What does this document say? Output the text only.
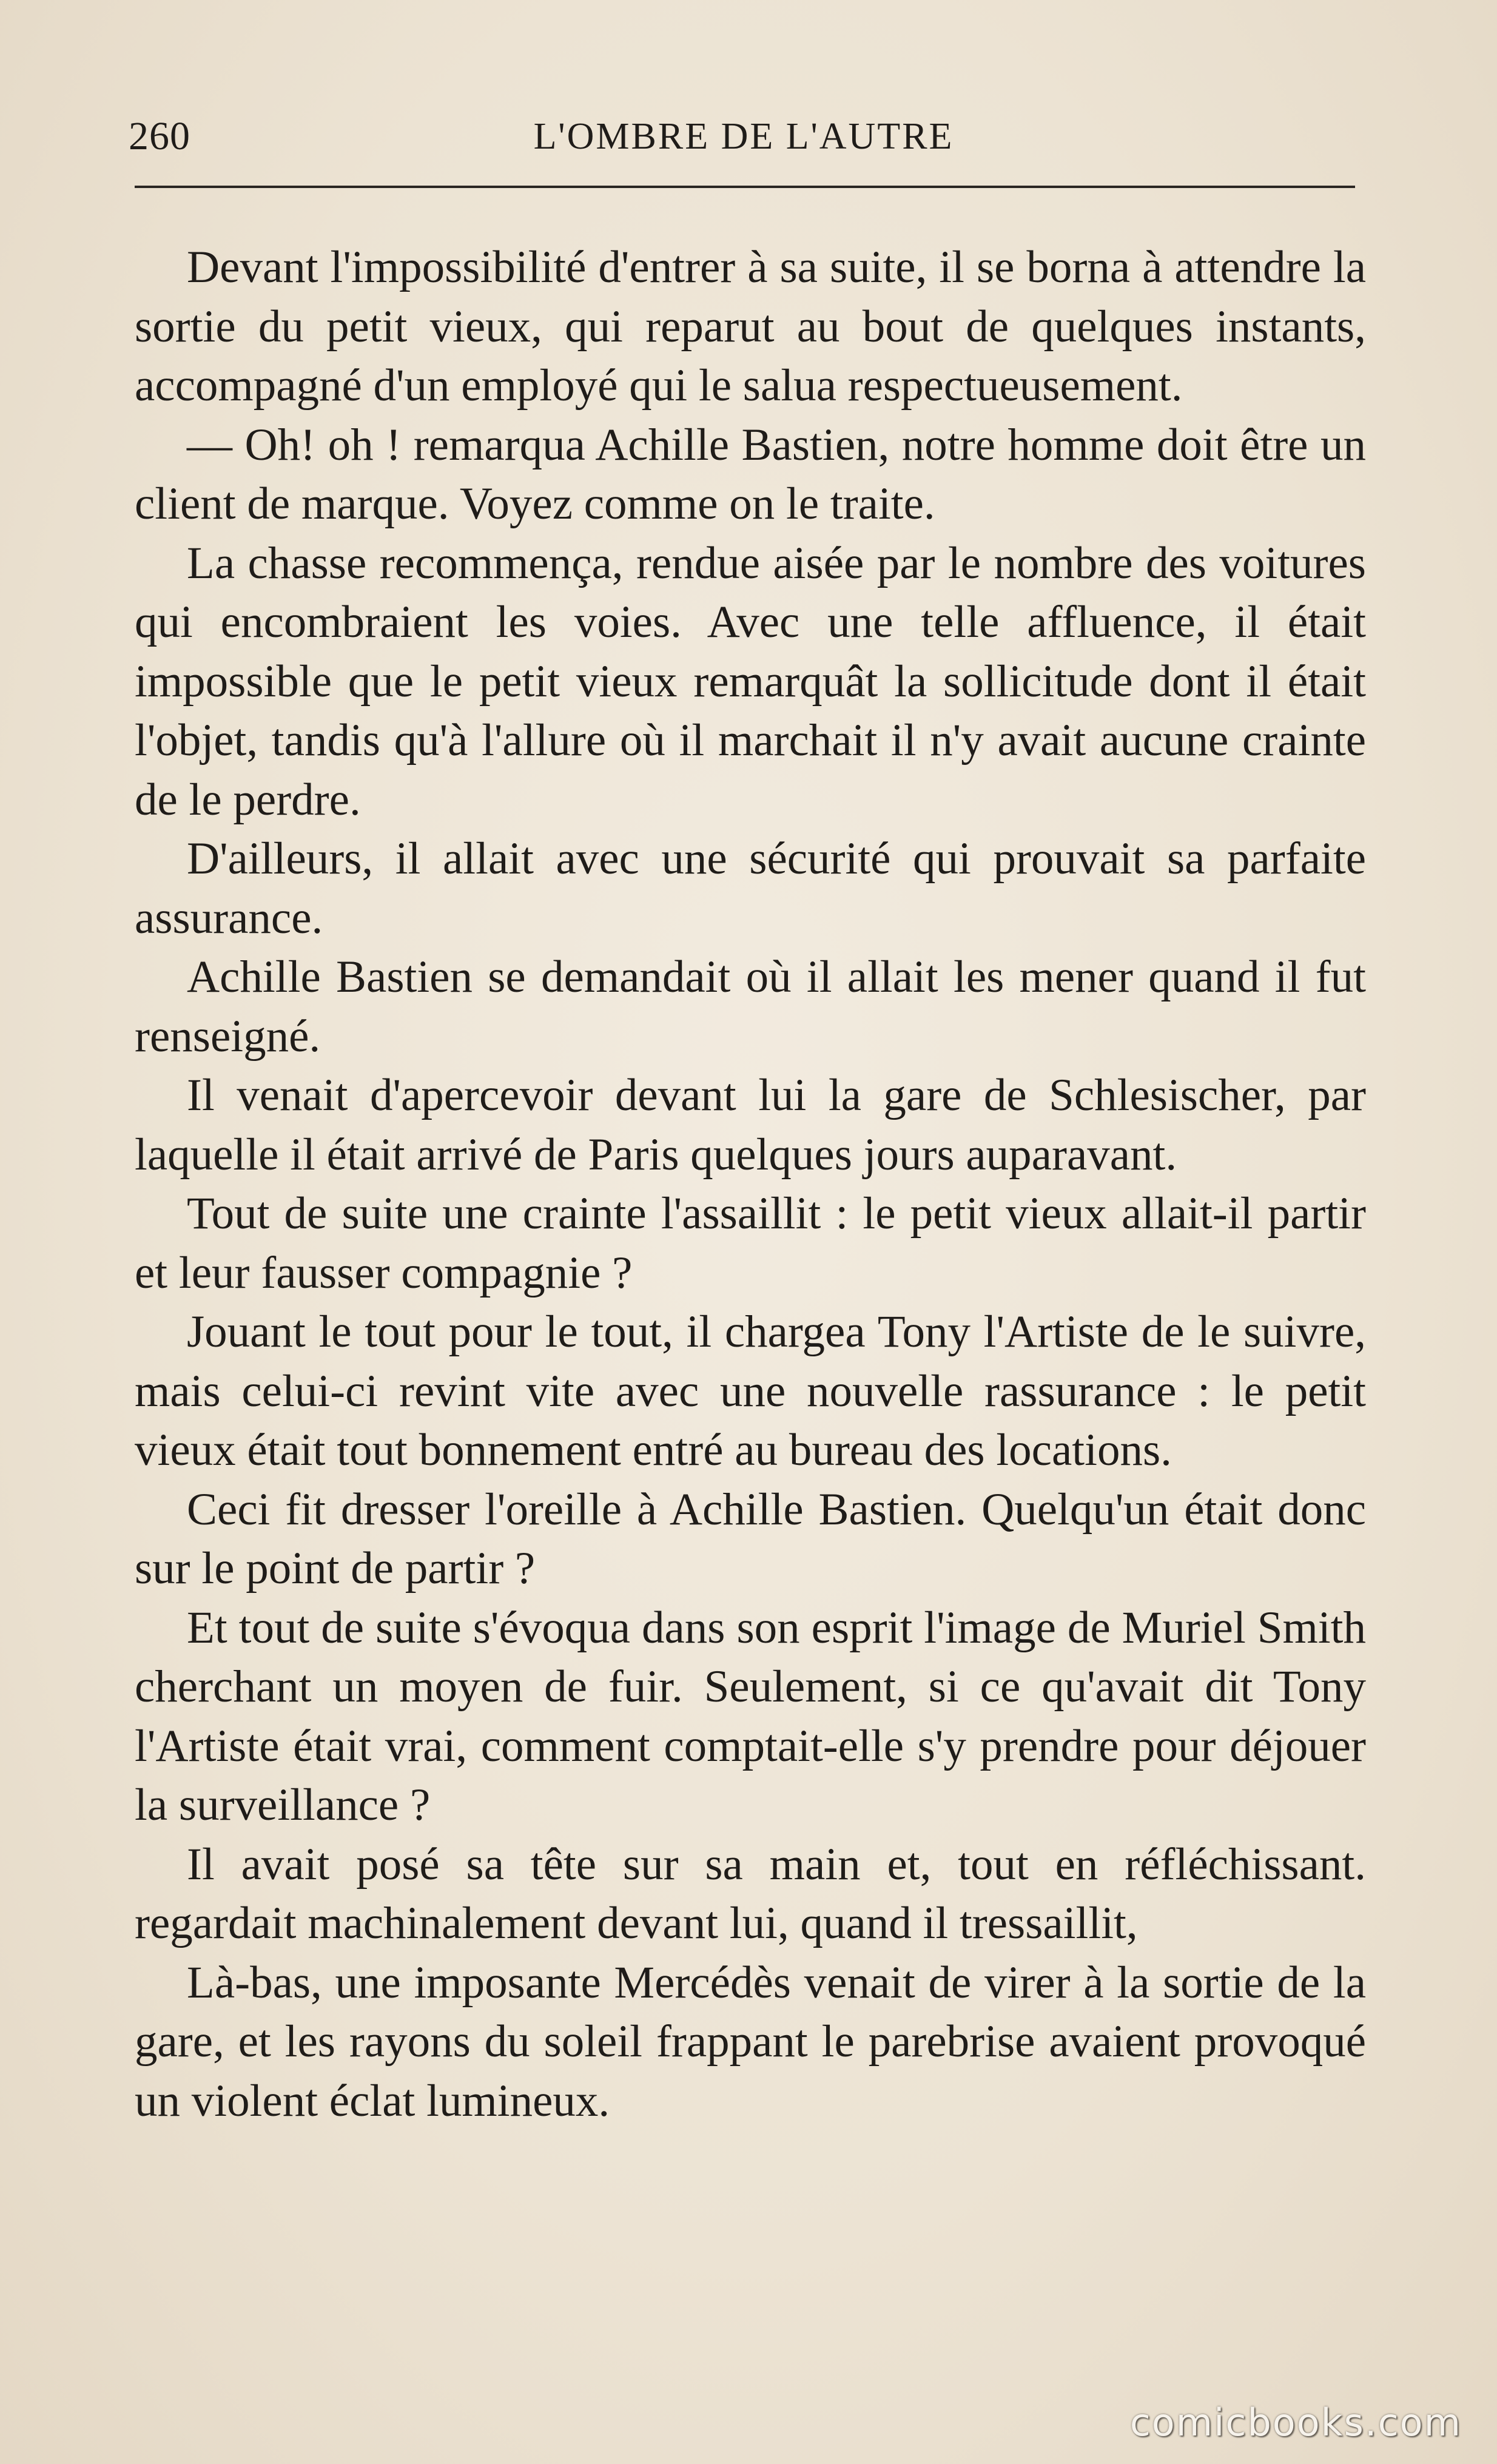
260	L'OMBRE DE L'AUTRE

Devant l'impossibilité d'entrer à sa suite, il se borna à attendre la sortie du petit vieux, qui reparut au bout de quelques instants, accompagné d'un employé qui le salua respectueusement.

— Oh! oh ! remarqua Achille Bastien, notre homme doit être un client de marque. Voyez comme on le traite.

La chasse recommença, rendue aisée par le nombre des voitures qui encombraient les voies. Avec une telle affluence, il était impossible que le petit vieux remarquât la sollicitude dont il était l'objet, tandis qu'à l'allure où il marchait il n'y avait aucune crainte de le perdre.

D'ailleurs, il allait avec une sécurité qui prouvait sa parfaite assurance.

Achille Bastien se demandait où il allait les mener quand il fut renseigné.

Il venait d'apercevoir devant lui la gare de Schlesischer, par laquelle il était arrivé de Paris quelques jours auparavant.

Tout de suite une crainte l'assaillit : le petit vieux allait-il partir et leur fausser compagnie ?

Jouant le tout pour le tout, il chargea Tony l'Artiste de le suivre, mais celui-ci revint vite avec une nouvelle rassurance : le petit vieux était tout bonnement entré au bureau des locations.

Ceci fit dresser l'oreille à Achille Bastien. Quelqu'un était donc sur le point de partir ?

Et tout de suite s'évoqua dans son esprit l'image de Muriel Smith cherchant un moyen de fuir. Seulement, si ce qu'avait dit Tony l'Artiste était vrai, comment comptait-elle s'y prendre pour déjouer la surveillance ?

Il avait posé sa tête sur sa main et, tout en réfléchissant. regardait machinalement devant lui, quand il tressaillit,

Là-bas, une imposante Mercédès venait de virer à la sortie de la gare, et les rayons du soleil frappant le parebrise avaient provoqué un violent éclat lumineux.

comicbooks.com
